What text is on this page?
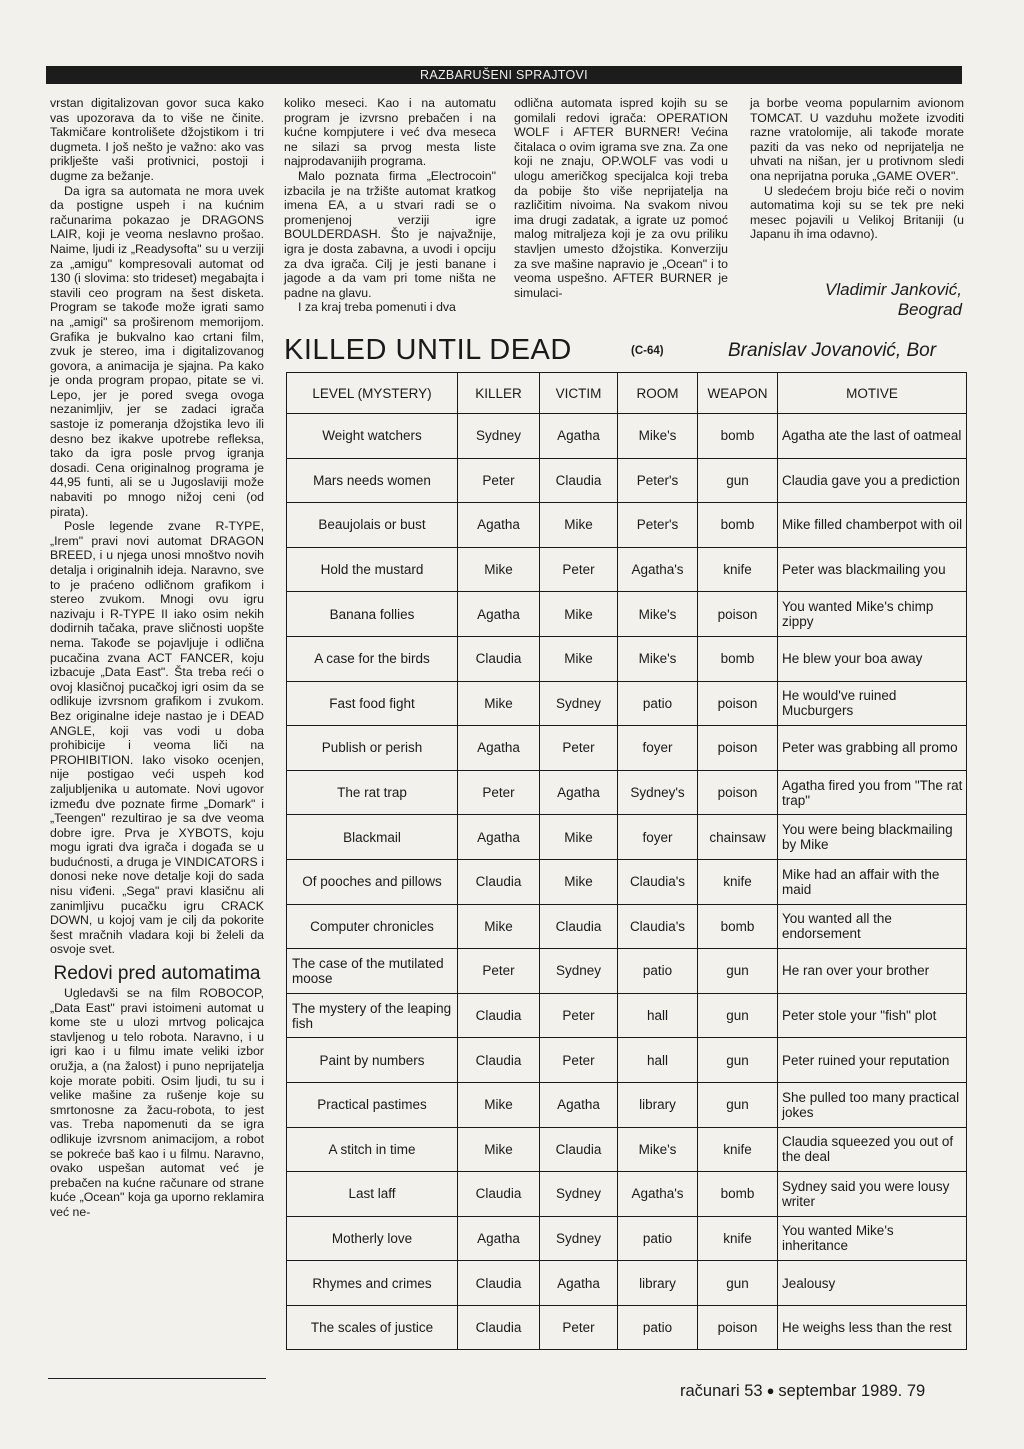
RAZBARUŠENI SPRAJTOVI

vrstan digitalizovan govor suca kako vas upozorava da to više ne činite. Takmičare kontrolišete džojstikom i tri dugmeta. I još nešto je važno: ako vas priklješte vaši protivnici, postoji i dugme za bežanje.

Da igra sa automata ne mora uvek da postigne uspeh i na kućnim računarima pokazao je DRAGONS LAIR, koji je veoma neslavno prošao. Naime, ljudi iz „Readysofta" su u verziji za „amigu" kompresovali automat od 130 (i slovima: sto trideset) megabajta i stavili ceo program na šest disketa. Program se takođe može igrati samo na „amigi" sa proširenom memorijom. Grafika je bukvalno kao crtani film, zvuk je stereo, ima i digitalizovanog govora, a animacija je sjajna. Pa kako je onda program propao, pitate se vi. Lepo, jer je pored svega ovoga nezanimljiv, jer se zadaci igrača sastoje iz pomeranja džojstika levo ili desno bez ikakve upotrebe refleksa, tako da igra posle prvog igranja dosadi. Cena originalnog programa je 44,95 funti, ali se u Jugoslaviji može nabaviti po mnogo nižoj ceni (od pirata).

Posle legende zvane R-TYPE, „Irem" pravi novi automat DRAGON BREED, i u njega unosi mnoštvo novih detalja i originalnih ideja. Naravno, sve to je praćeno odličnom grafikom i stereo zvukom. Mnogi ovu igru nazivaju i R-TYPE II iako osim nekih dodirnih tačaka, prave sličnosti uopšte nema. Takođe se pojavljuje i odlična pucačina zvana ACT FANCER, koju izbacuje „Data East". Šta treba reći o ovoj klasičnoj pucačkoj igri osim da se odlikuje izvrsnom grafikom i zvukom. Bez originalne ideje nastao je i DEAD ANGLE, koji vas vodi u doba prohibicije i veoma liči na PROHIBITION. Iako visoko ocenjen, nije postigao veći uspeh kod zaljubljenika u automate. Novi ugovor između dve poznate firme „Domark" i „Teengen" rezultirao je sa dve veoma dobre igre. Prva je XYBOTS, koju mogu igrati dva igrača i događa se u budućnosti, a druga je VINDICATORS i donosi neke nove detalje koji do sada nisu viđeni. „Sega" pravi klasičnu ali zanimljivu pucačku igru CRACK DOWN, u kojoj vam je cilj da pokorite šest mračnih vladara koji bi želeli da osvoje svet.

Redovi pred automatima

Ugledavši se na film ROBOCOP, „Data East" pravi istoimeni automat u kome ste u ulozi mrtvog policajca stavljenog u telo robota. Naravno, i u igri kao i u filmu imate veliki izbor oružja, a (na žalost) i puno neprijatelja koje morate pobiti. Osim ljudi, tu su i velike mašine za rušenje koje su smrtonosne za žacu-robota, to jest vas. Treba napomenuti da se igra odlikuje izvrsnom animacijom, a robot se pokreće baš kao i u filmu. Naravno, ovako uspešan automat već je prebačen na kućne računare od strane kuće „Ocean" koja ga uporno reklamira već ne-

koliko meseci. Kao i na automatu program je izvrsno prebačen i na kućne kompjutere i već dva meseca ne silazi sa prvog mesta liste najprodavanijih programa.

Malo poznata firma „Electrocoin" izbacila je na tržište automat kratkog imena EA, a u stvari radi se o promenjenoj verziji igre BOULDERDASH. Što je najvažnije, igra je dosta zabavna, a uvodi i opciju za dva igrača. Cilj je jesti banane i jagode a da vam pri tome ništa ne padne na glavu.

I za kraj treba pomenuti i dva

odlična automata ispred kojih su se gomilali redovi igrača: OPERATION WOLF i AFTER BURNER! Većina čitalaca o ovim igrama sve zna. Za one koji ne znaju, OP.WOLF vas vodi u ulogu američkog specijalca koji treba da pobije što više neprijatelja na različitim nivoima. Na svakom nivou ima drugi zadatak, a igrate uz pomoć malog mitraljeza koji je za ovu priliku stavljen umesto džojstika. Konverziju za sve mašine napravio je „Ocean" i to veoma uspešno. AFTER BURNER je simulaci-

ja borbe veoma popularnim avionom TOMCAT. U vazduhu možete izvoditi razne vratolomije, ali takođe morate paziti da vas neko od neprijatelja ne uhvati na nišan, jer u protivnom sledi ona neprijatna poruka „GAME OVER".

U sledećem broju biće reči o novim automatima koji su se tek pre neki mesec pojavili u Velikoj Britaniji (u Japanu ih ima odavno).

Vladimir Janković,
Beograd
KILLED UNTIL DEAD	(C-64)	Branislav Jovanović, Bor
LEVEL (MYSTERY)	KILLER	VICTIM	ROOM	WEAPON	MOTIVE
Weight watchers	Sydney	Agatha	Mike's	bomb	Agatha ate the last of oatmeal
Mars needs women	Peter	Claudia	Peter's	gun	Claudia gave you a prediction
Beaujolais or bust	Agatha	Mike	Peter's	bomb	Mike filled chamberpot with oil
Hold the mustard	Mike	Peter	Agatha's	knife	Peter was blackmailing you
Banana follies	Agatha	Mike	Mike's	poison	You wanted Mike's chimp zippy
A case for the birds	Claudia	Mike	Mike's	bomb	He blew your boa away
Fast food fight	Mike	Sydney	patio	poison	He would've ruined Mucburgers
Publish or perish	Agatha	Peter	foyer	poison	Peter was grabbing all promo
The rat trap	Peter	Agatha	Sydney's	poison	Agatha fired you from "The rat trap"
Blackmail	Agatha	Mike	foyer	chainsaw	You were being blackmailing by Mike
Of pooches and pillows	Claudia	Mike	Claudia's	knife	Mike had an affair with the maid
Computer chronicles	Mike	Claudia	Claudia's	bomb	You wanted all the endorsement
The case of the mutilated moose	Peter	Sydney	patio	gun	He ran over your brother
The mystery of the leaping fish	Claudia	Peter	hall	gun	Peter stole your "fish" plot
Paint by numbers	Claudia	Peter	hall	gun	Peter ruined your reputation
Practical pastimes	Mike	Agatha	library	gun	She pulled too many practical jokes
A stitch in time	Mike	Claudia	Mike's	knife	Claudia squeezed you out of the deal
Last laff	Claudia	Sydney	Agatha's	bomb	Sydney said you were lousy writer
Motherly love	Agatha	Sydney	patio	knife	You wanted Mike's inheritance
Rhymes and crimes	Claudia	Agatha	library	gun	Jealousy
The scales of justice	Claudia	Peter	patio	poison	He weighs less than the rest
računari 53 ● septembar 1989. 79
